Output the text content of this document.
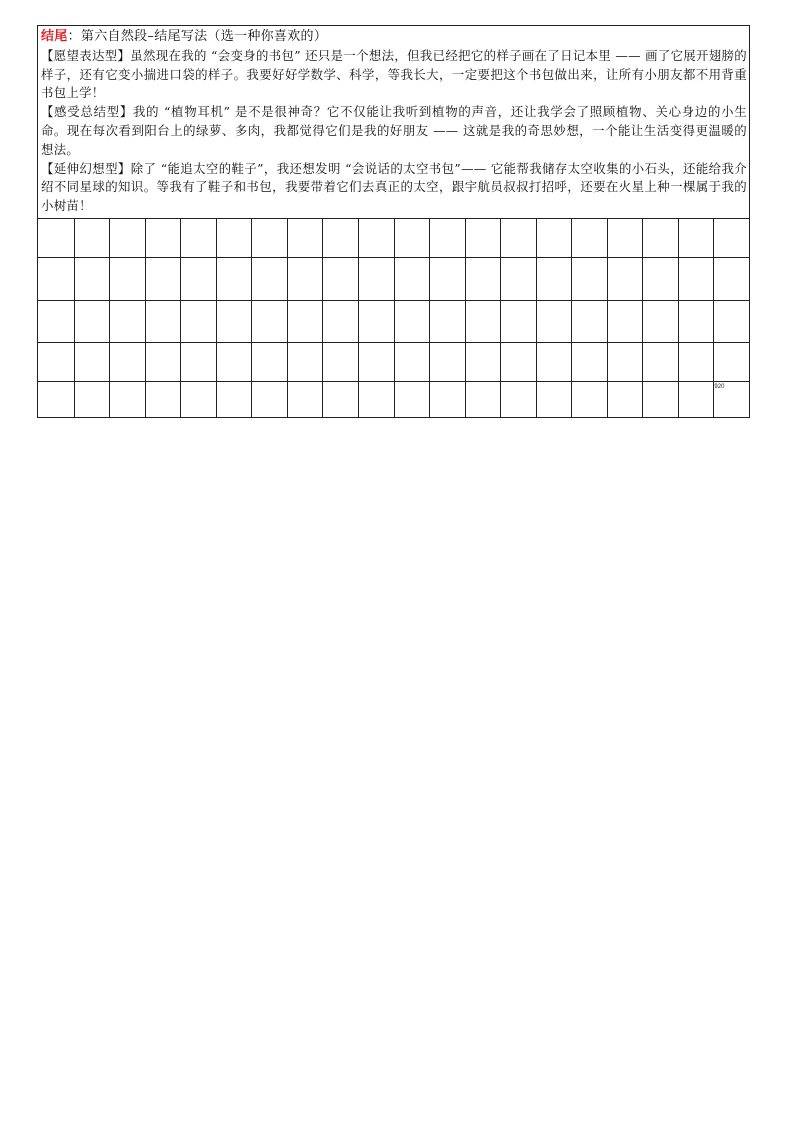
结尾：第六自然段–结尾写法（选一种你喜欢的）

【愿望表达型】虽然现在我的 “会变身的书包” 还只是一个想法，但我已经把它的样子画在了日记本里 —— 画了它展开翅膀的样子，还有它变小揣进口袋的样子。我要好好学数学、科学，等我长大，一定要把这个书包做出来，让所有小朋友都不用背重书包上学！

【感受总结型】我的 “植物耳机” 是不是很神奇？它不仅能让我听到植物的声音，还让我学会了照顾植物、关心身边的小生命。现在每次看到阳台上的绿萝、多肉，我都觉得它们是我的好朋友 —— 这就是我的奇思妙想，一个能让生活变得更温暖的想法。

【延伸幻想型】除了 “能追太空的鞋子”，我还想发明 “会说话的太空书包”—— 它能帮我储存太空收集的小石头，还能给我介绍不同星球的知识。等我有了鞋子和书包，我要带着它们去真正的太空，跟宇航员叔叔打招呼，还要在火星上种一棵属于我的小树苗！

920
